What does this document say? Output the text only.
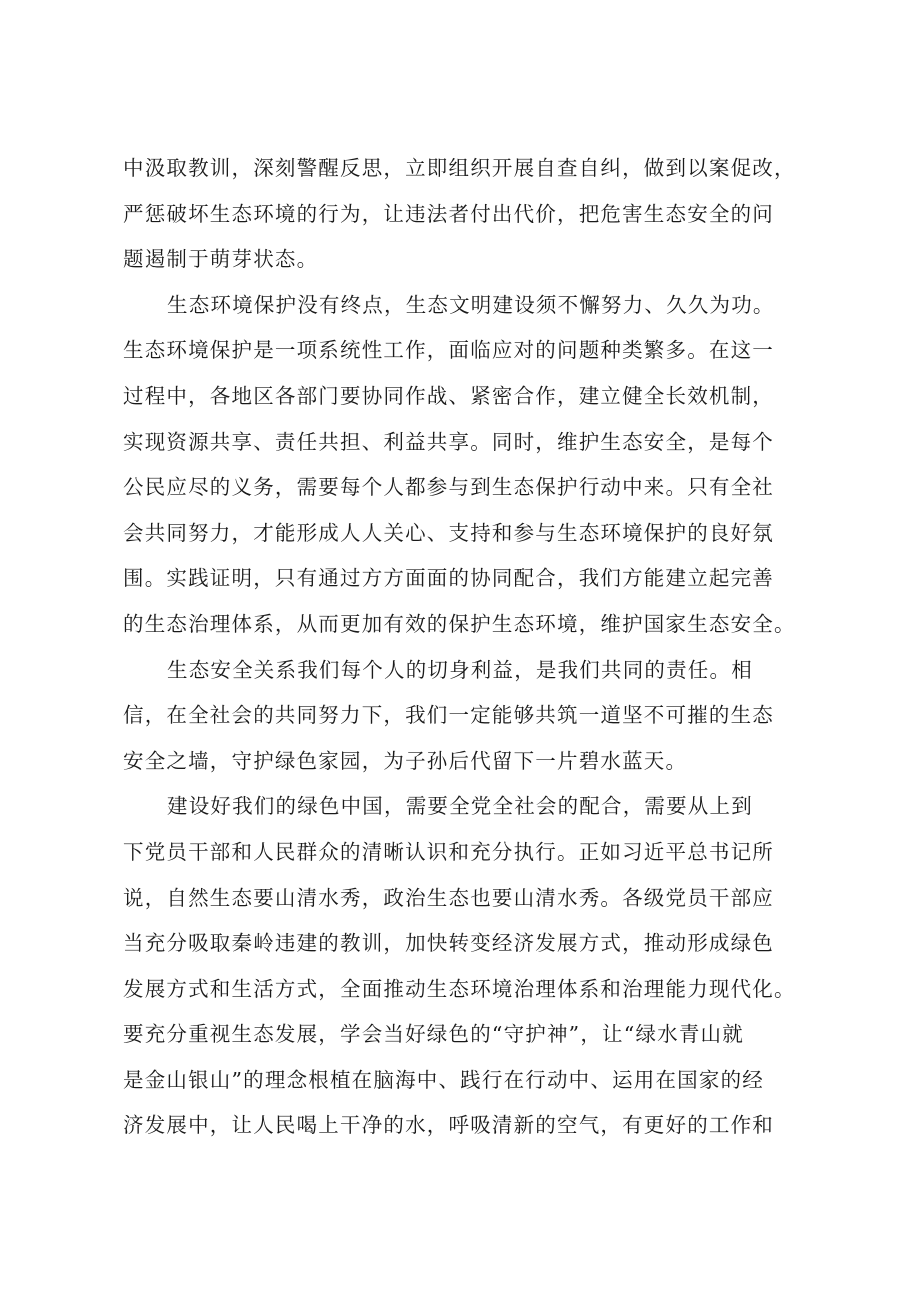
中汲取教训，深刻警醒反思，立即组织开展自查自纠，做到以案促改，
严惩破坏生态环境的行为，让违法者付出代价，把危害生态安全的问
题遏制于萌芽状态。

生态环境保护没有终点，生态文明建设须不懈努力、久久为功。
生态环境保护是一项系统性工作，面临应对的问题种类繁多。在这一
过程中，各地区各部门要协同作战、紧密合作，建立健全长效机制，
实现资源共享、责任共担、利益共享。同时，维护生态安全，是每个
公民应尽的义务，需要每个人都参与到生态保护行动中来。只有全社
会共同努力，才能形成人人关心、支持和参与生态环境保护的良好氛
围。实践证明，只有通过方方面面的协同配合，我们方能建立起完善
的生态治理体系，从而更加有效的保护生态环境，维护国家生态安全。

生态安全关系我们每个人的切身利益，是我们共同的责任。相
信，在全社会的共同努力下，我们一定能够共筑一道坚不可摧的生态
安全之墙，守护绿色家园，为子孙后代留下一片碧水蓝天。

建设好我们的绿色中国，需要全党全社会的配合，需要从上到
下党员干部和人民群众的清晰认识和充分执行。正如习近平总书记所
说，自然生态要山清水秀，政治生态也要山清水秀。各级党员干部应
当充分吸取秦岭违建的教训，加快转变经济发展方式，推动形成绿色
发展方式和生活方式，全面推动生态环境治理体系和治理能力现代化。
要充分重视生态发展，学会当好绿色的“守护神”，让“绿水青山就
是金山银山”的理念根植在脑海中、践行在行动中、运用在国家的经
济发展中，让人民喝上干净的水，呼吸清新的空气，有更好的工作和
